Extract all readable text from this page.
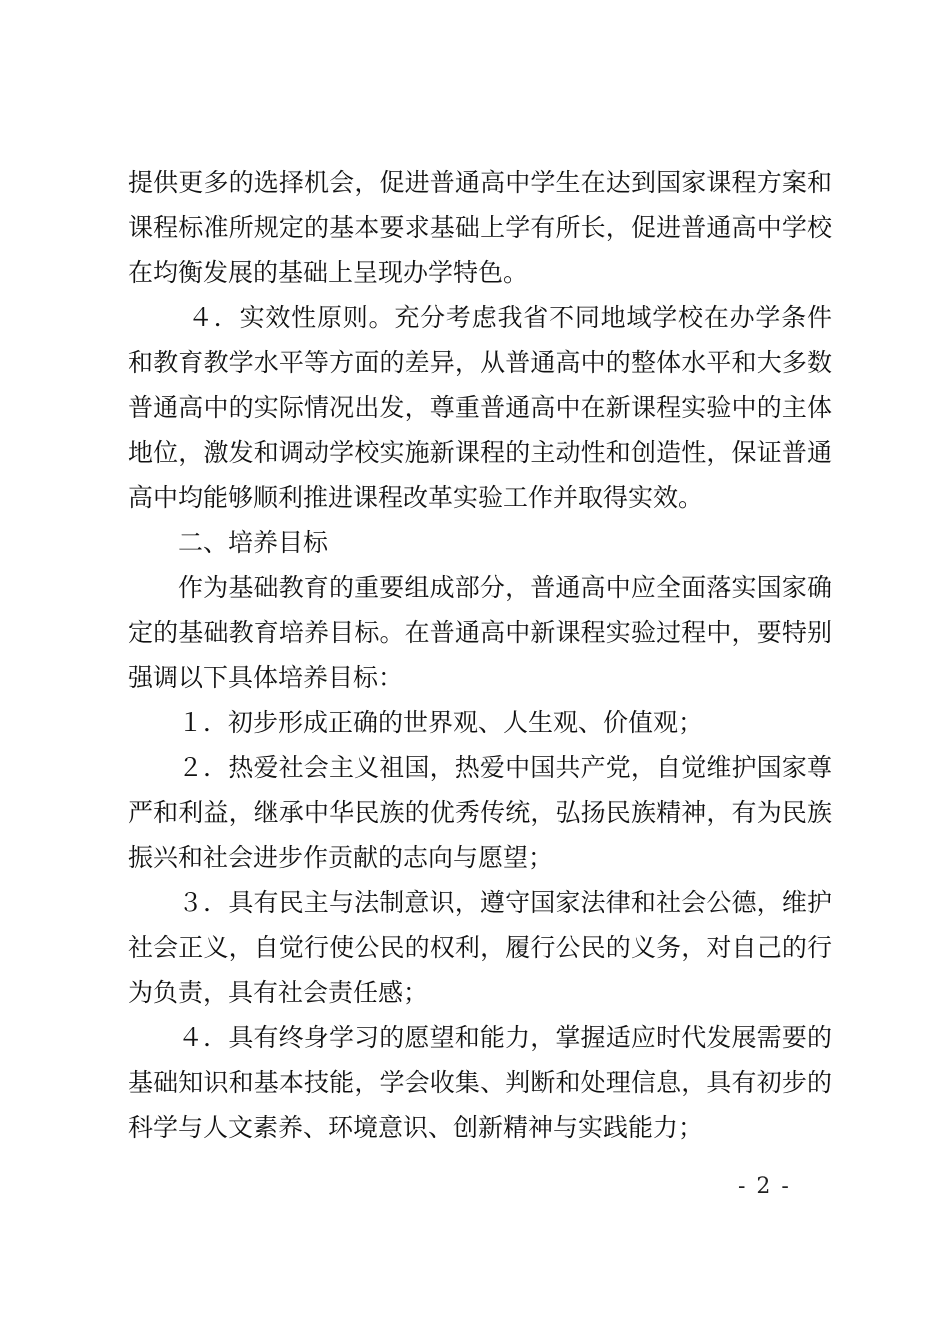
提供更多的选择机会，促进普通高中学生在达到国家课程方案和课程标准所规定的基本要求基础上学有所长，促进普通高中学校在均衡发展的基础上呈现办学特色。

４．实效性原则。充分考虑我省不同地域学校在办学条件和教育教学水平等方面的差异，从普通高中的整体水平和大多数普通高中的实际情况出发，尊重普通高中在新课程实验中的主体地位，激发和调动学校实施新课程的主动性和创造性，保证普通高中均能够顺利推进课程改革实验工作并取得实效。

二、培养目标

作为基础教育的重要组成部分，普通高中应全面落实国家确定的基础教育培养目标。在普通高中新课程实验过程中，要特别强调以下具体培养目标：

１．初步形成正确的世界观、人生观、价值观；

２．热爱社会主义祖国，热爱中国共产党，自觉维护国家尊严和利益，继承中华民族的优秀传统，弘扬民族精神，有为民族振兴和社会进步作贡献的志向与愿望；

３．具有民主与法制意识，遵守国家法律和社会公德，维护社会正义，自觉行使公民的权利，履行公民的义务，对自己的行为负责，具有社会责任感；

４．具有终身学习的愿望和能力，掌握适应时代发展需要的基础知识和基本技能，学会收集、判断和处理信息，具有初步的科学与人文素养、环境意识、创新精神与实践能力；

- 2 -
